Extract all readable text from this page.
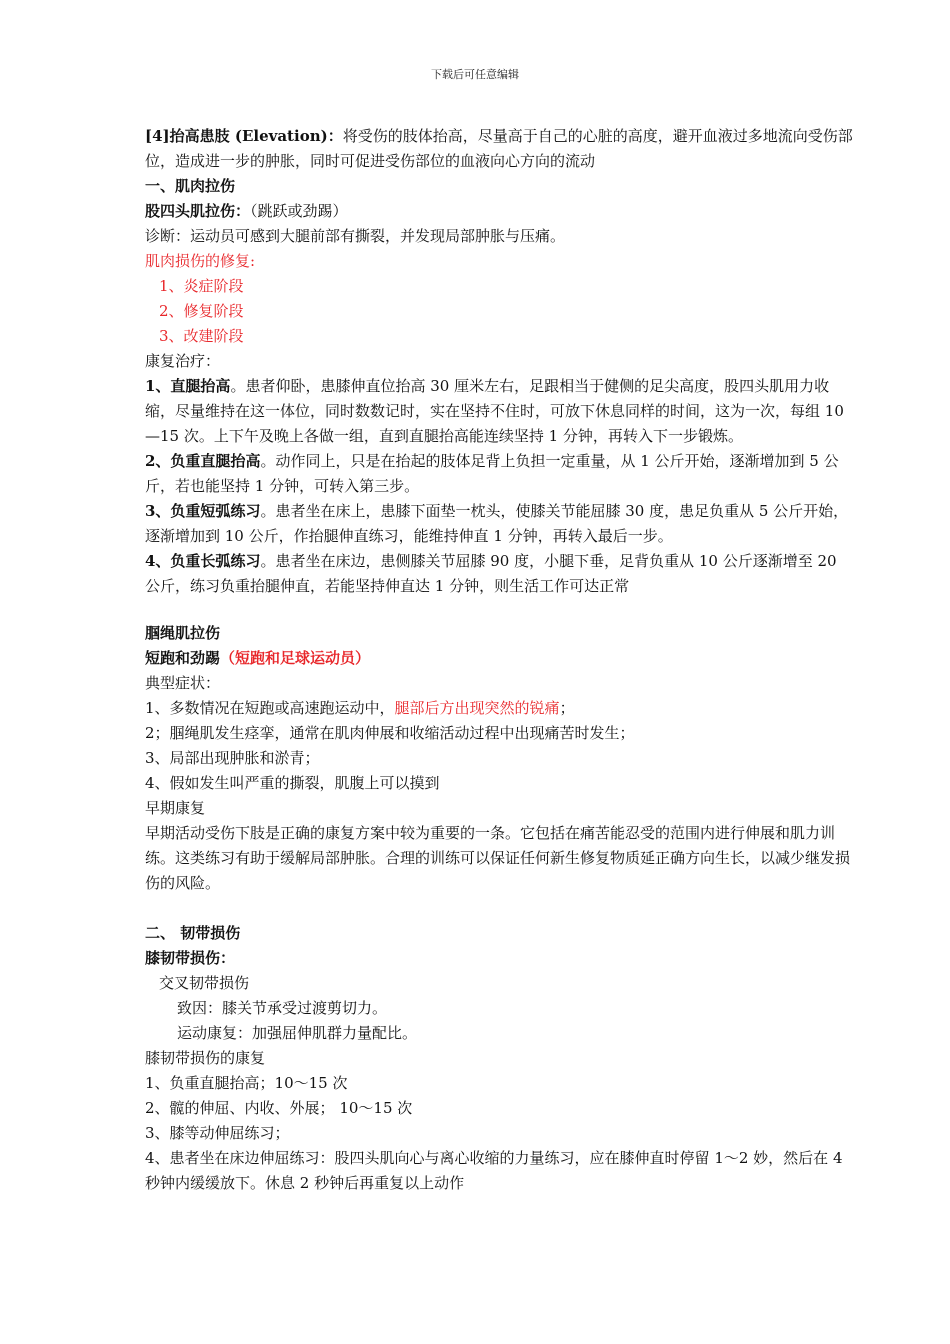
下载后可任意编辑

[4]抬高患肢 (Elevation)：将受伤的肢体抬高，尽量高于自己的心脏的高度，避开血液过多地流向受伤部位，造成进一步的肿胀，同时可促进受伤部位的血液向心方向的流动

一、肌肉拉伤

股四头肌拉伤：（跳跃或劲踢）

诊断：运动员可感到大腿前部有撕裂，并发现局部肿胀与压痛。

肌肉损伤的修复:

1、炎症阶段

2、修复阶段

3、改建阶段

康复治疗：

1、直腿抬高。患者仰卧，患膝伸直位抬高 30 厘米左右，足跟相当于健侧的足尖高度，股四头肌用力收缩，尽量维持在这一体位，同时数数记时，实在坚持不住时，可放下休息同样的时间，这为一次，每组 10—15 次。上下午及晚上各做一组，直到直腿抬高能连续坚持 1 分钟，再转入下一步锻炼。

2、负重直腿抬高。动作同上，只是在抬起的肢体足背上负担一定重量，从 1 公斤开始，逐渐增加到 5 公斤，若也能坚持 1 分钟，可转入第三步。

3、负重短弧练习。患者坐在床上，患膝下面垫一枕头，使膝关节能屈膝 30 度，患足负重从 5 公斤开始，逐渐增加到 10 公斤，作抬腿伸直练习，能维持伸直 1 分钟，再转入最后一步。

4、负重长弧练习。患者坐在床边，患侧膝关节屈膝 90 度，小腿下垂，足背负重从 10 公斤逐渐增至 20 公斤，练习负重抬腿伸直，若能坚持伸直达 1 分钟，则生活工作可达正常

腘绳肌拉伤

短跑和劲踢（短跑和足球运动员）

典型症状：

1、多数情况在短跑或高速跑运动中，腿部后方出现突然的锐痛；

2；腘绳肌发生痉挛，通常在肌肉伸展和收缩活动过程中出现痛苦时发生；

3、局部出现肿胀和淤青；

4、假如发生叫严重的撕裂，肌腹上可以摸到

早期康复

早期活动受伤下肢是正确的康复方案中较为重要的一条。它包括在痛苦能忍受的范围内进行伸展和肌力训练。这类练习有助于缓解局部肿胀。合理的训练可以保证任何新生修复物质延正确方向生长，以减少继发损伤的风险。

二、 韧带损伤

膝韧带损伤：

交叉韧带损伤

致因：膝关节承受过渡剪切力。

运动康复：加强屈伸肌群力量配比。

膝韧带损伤的康复

1、负重直腿抬高；10～15 次

2、髋的伸屈、内收、外展； 10～15 次

3、膝等动伸屈练习；

4、患者坐在床边伸屈练习：股四头肌向心与离心收缩的力量练习，应在膝伸直时停留 1～2 妙，然后在 4 秒钟内缓缓放下。休息 2 秒钟后再重复以上动作
